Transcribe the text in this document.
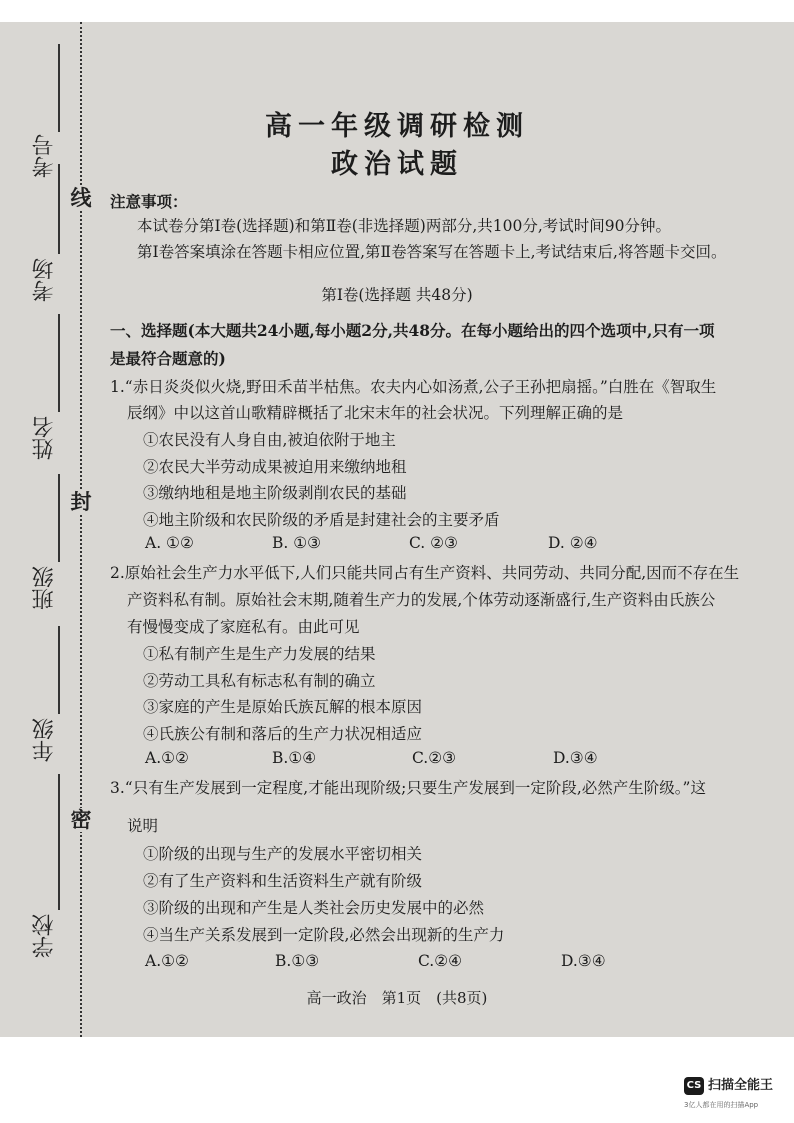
考号
考场
姓名
班级
年级
学校
线
封
密
高一年级调研检测
政治试题
注意事项：
本试卷分第Ⅰ卷(选择题)和第Ⅱ卷(非选择题)两部分,共100分,考试时间90分钟。
第Ⅰ卷答案填涂在答题卡相应位置,第Ⅱ卷答案写在答题卡上,考试结束后,将答题卡交回。
第Ⅰ卷(选择题 共48分)
一、选择题(本大题共24小题,每小题2分,共48分。在每小题给出的四个选项中,只有一项
是最符合题意的)
1.“赤日炎炎似火烧,野田禾苗半枯焦。农夫内心如汤煮,公子王孙把扇摇。”白胜在《智取生
辰纲》中以这首山歌精辟概括了北宋末年的社会状况。下列理解正确的是
①农民没有人身自由,被迫依附于地主
②农民大半劳动成果被迫用来缴纳地租
③缴纳地租是地主阶级剥削农民的基础
④地主阶级和农民阶级的矛盾是封建社会的主要矛盾
A. ①②	B. ①③	C. ②③	D. ②④
2.原始社会生产力水平低下,人们只能共同占有生产资料、共同劳动、共同分配,因而不存在生
产资料私有制。原始社会末期,随着生产力的发展,个体劳动逐渐盛行,生产资料由氏族公
有慢慢变成了家庭私有。由此可见
①私有制产生是生产力发展的结果
②劳动工具私有标志私有制的确立
③家庭的产生是原始氏族瓦解的根本原因
④氏族公有制和落后的生产力状况相适应
A.①②	B.①④	C.②③	D.③④
3.“只有生产发展到一定程度,才能出现阶级;只要生产发展到一定阶段,必然产生阶级。”这
说明
①阶级的出现与生产的发展水平密切相关
②有了生产资料和生活资料生产就有阶级
③阶级的出现和产生是人类社会历史发展中的必然
④当生产关系发展到一定阶段,必然会出现新的生产力
A.①②	B.①③	C.②④	D.③④
高一政治　第1页　(共8页)
CS 扫描全能王
3亿人都在用的扫描App
